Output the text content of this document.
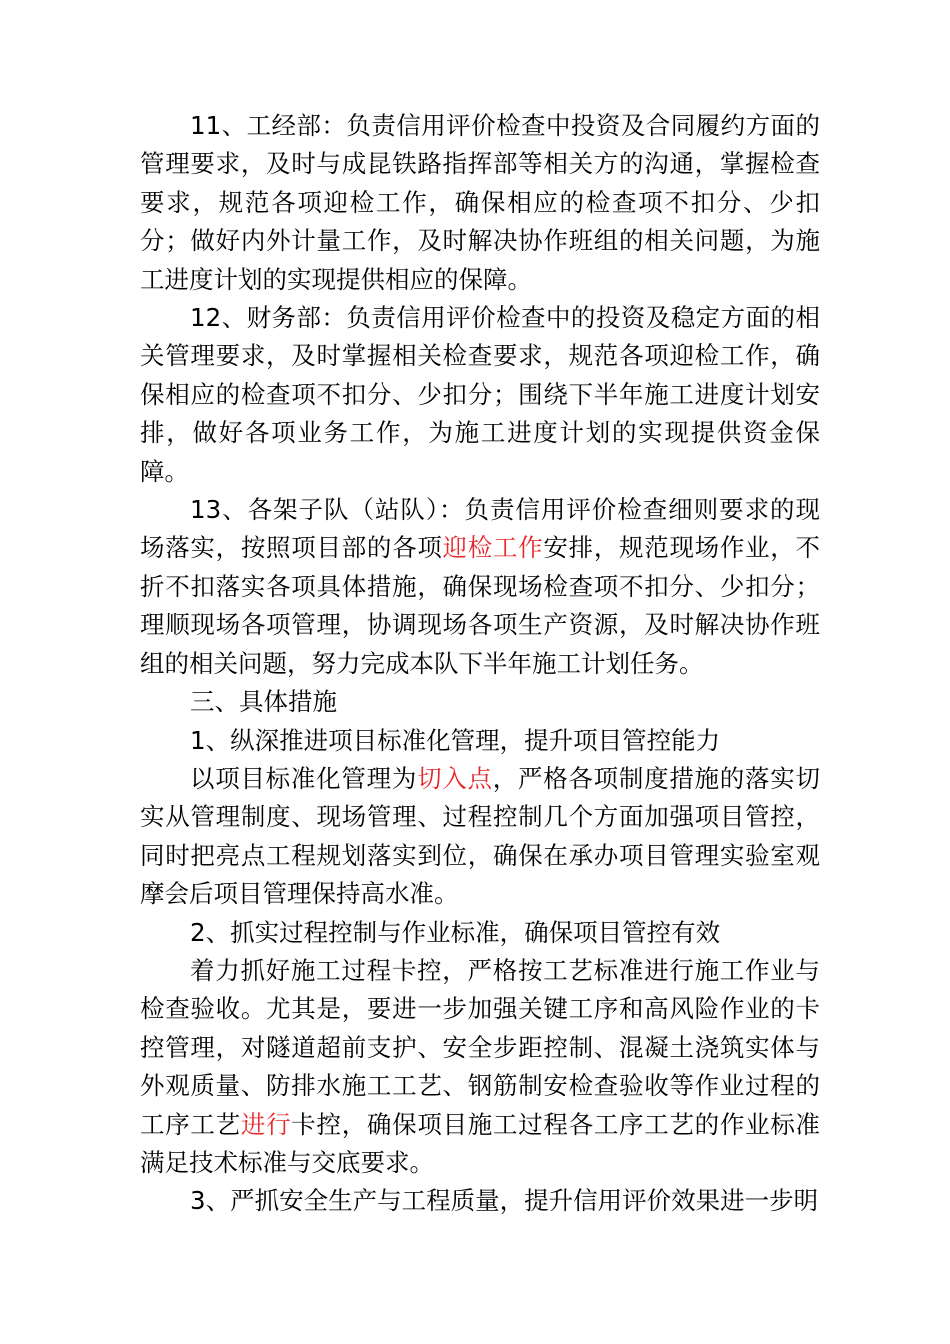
11、工经部：负责信用评价检查中投资及合同履约方面的管理要求，及时与成昆铁路指挥部等相关方的沟通，掌握检查要求，规范各项迎检工作，确保相应的检查项不扣分、少扣分；做好内外计量工作，及时解决协作班组的相关问题，为施工进度计划的实现提供相应的保障。

12、财务部：负责信用评价检查中的投资及稳定方面的相关管理要求，及时掌握相关检查要求，规范各项迎检工作，确保相应的检查项不扣分、少扣分；围绕下半年施工进度计划安排，做好各项业务工作，为施工进度计划的实现提供资金保障。

13、各架子队（站队）：负责信用评价检查细则要求的现场落实，按照项目部的各项迎检工作安排，规范现场作业，不折不扣落实各项具体措施，确保现场检查项不扣分、少扣分；理顺现场各项管理，协调现场各项生产资源，及时解决协作班组的相关问题，努力完成本队下半年施工计划任务。

三、具体措施

1、纵深推进项目标准化管理，提升项目管控能力

以项目标准化管理为切入点，严格各项制度措施的落实切实从管理制度、现场管理、过程控制几个方面加强项目管控，同时把亮点工程规划落实到位，确保在承办项目管理实验室观摩会后项目管理保持高水准。

2、抓实过程控制与作业标准，确保项目管控有效

着力抓好施工过程卡控，严格按工艺标准进行施工作业与检查验收。尤其是，要进一步加强关键工序和高风险作业的卡控管理，对隧道超前支护、安全步距控制、混凝土浇筑实体与外观质量、防排水施工工艺、钢筋制安检查验收等作业过程的工序工艺进行卡控，确保项目施工过程各工序工艺的作业标准满足技术标准与交底要求。

3、严抓安全生产与工程质量，提升信用评价效果进一步明
